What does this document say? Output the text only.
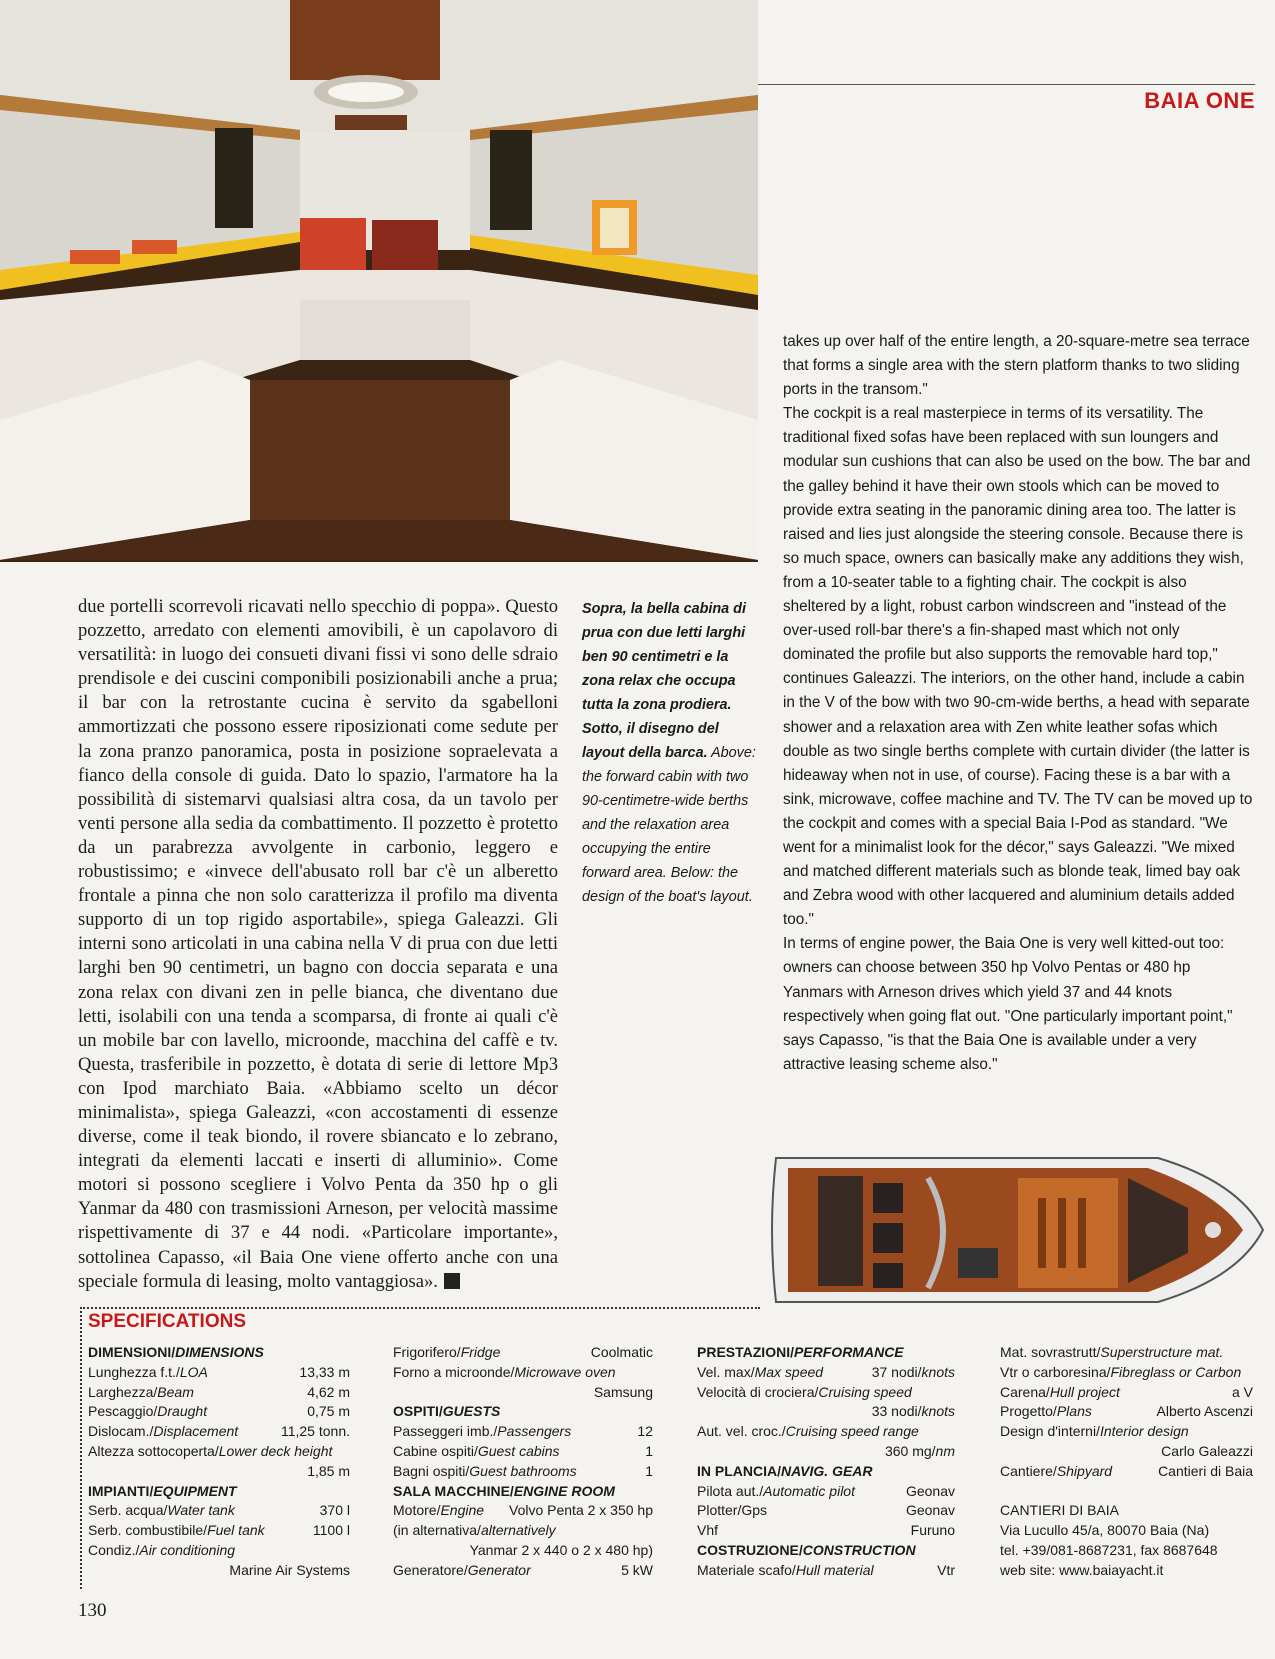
BAIA ONE

due portelli scorrevoli ricavati nello specchio di poppa». Questo pozzetto, arredato con elementi amovibili, è un capolavoro di versatilità: in luogo dei consueti divani fissi vi sono delle sdraio prendisole e dei cuscini componibili posizionabili anche a prua; il bar con la retrostante cucina è servito da sgabelloni ammortizzati che possono essere riposizionati come sedute per la zona pranzo panoramica, posta in posizione sopraelevata a fianco della console di guida. Dato lo spazio, l'armatore ha la possibilità di sistemarvi qualsiasi altra cosa, da un tavolo per venti persone alla sedia da combattimento. Il pozzetto è protetto da un parabrezza avvolgente in carbonio, leggero e robustissimo; e «invece dell'abusato roll bar c'è un alberetto frontale a pinna che non solo caratterizza il profilo ma diventa supporto di un top rigido asportabile», spiega Galeazzi. Gli interni sono articolati in una cabina nella V di prua con due letti larghi ben 90 centimetri, un bagno con doccia separata e una zona relax con divani zen in pelle bianca, che diventano due letti, isolabili con una tenda a scomparsa, di fronte ai quali c'è un mobile bar con lavello, microonde, macchina del caffè e tv. Questa, trasferibile in pozzetto, è dotata di serie di lettore Mp3 con Ipod marchiato Baia. «Abbiamo scelto un décor minimalista», spiega Galeazzi, «con accostamenti di essenze diverse, come il teak biondo, il rovere sbiancato e lo zebrano, integrati da elementi laccati e inserti di alluminio». Come motori si possono scegliere i Volvo Penta da 350 hp o gli Yanmar da 480 con trasmissioni Arneson, per velocità massime rispettivamente di 37 e 44 nodi. «Particolare importante», sottolinea Capasso, «il Baia One viene offerto anche con una speciale formula di leasing, molto vantaggiosa».

Sopra, la bella cabina di prua con due letti larghi ben 90 centimetri e la zona relax che occupa tutta la zona prodiera. Sotto, il disegno del layout della barca. Above: the forward cabin with two 90-centimetre-wide berths and the relaxation area occupying the entire forward area. Below: the design of the boat's layout.

takes up over half of the entire length, a 20-square-metre sea terrace that forms a single area with the stern platform thanks to two sliding ports in the transom."

The cockpit is a real masterpiece in terms of its versatility. The traditional fixed sofas have been replaced with sun loungers and modular sun cushions that can also be used on the bow. The bar and the galley behind it have their own stools which can be moved to provide extra seating in the panoramic dining area too. The latter is raised and lies just alongside the steering console. Because there is so much space, owners can basically make any additions they wish, from a 10-seater table to a fighting chair. The cockpit is also sheltered by a light, robust carbon windscreen and "instead of the over-used roll-bar there's a fin-shaped mast which not only dominated the profile but also supports the removable hard top," continues Galeazzi. The interiors, on the other hand, include a cabin in the V of the bow with two 90-cm-wide berths, a head with separate shower and a relaxation area with Zen white leather sofas which double as two single berths complete with curtain divider (the latter is hideaway when not in use, of course). Facing these is a bar with a sink, microwave, coffee machine and TV. The TV can be moved up to the cockpit and comes with a special Baia I-Pod as standard. "We went for a minimalist look for the décor," says Galeazzi. "We mixed and matched different materials such as blonde teak, limed bay oak and Zebra wood with other lacquered and aluminium details added too."

In terms of engine power, the Baia One is very well kitted-out too: owners can choose between 350 hp Volvo Pentas or 480 hp Yanmars with Arneson drives which yield 37 and 44 knots respectively when going flat out. "One particularly important point," says Capasso, "is that the Baia One is available under a very attractive leasing scheme also."

SPECIFICATIONS
DIMENSIONI/DIMENSIONS
Lunghezza f.t./LOA	13,33 m
Larghezza/Beam	4,62 m
Pescaggio/Draught	0,75 m
Dislocam./Displacement	11,25 tonn.
Altezza sottocoperta/Lower deck height
1,85 m
IMPIANTI/EQUIPMENT
Serb. acqua/Water tank	370 l
Serb. combustibile/Fuel tank	1100 l
Condiz./Air conditioning
Marine Air Systems
Frigorifero/Fridge	Coolmatic
Forno a microonde/Microwave oven
Samsung
OSPITI/GUESTS
Passeggeri imb./Passengers	12
Cabine ospiti/Guest cabins	1
Bagni ospiti/Guest bathrooms	1
SALA MACCHINE/ENGINE ROOM
Motore/Engine	Volvo Penta 2 x 350 hp
(in alternativa/alternatively
Yanmar 2 x 440 o 2 x 480 hp)
Generatore/Generator	5 kW
PRESTAZIONI/PERFORMANCE
Vel. max/Max speed	37 nodi/knots
Velocità di crociera/Cruising speed
33 nodi/knots
Aut. vel. croc./Cruising speed range
360 mg/nm
IN PLANCIA/NAVIG. GEAR
Pilota aut./Automatic pilot	Geonav
Plotter/Gps	Geonav
Vhf	Furuno
COSTRUZIONE/CONSTRUCTION
Materiale scafo/Hull material	Vtr
Mat. sovrastrutt/Superstructure mat.
Vtr o carboresina/Fibreglass or Carbon
Carena/Hull project	a V
Progetto/Plans	Alberto Ascenzi
Design d'interni/Interior design
Carlo Galeazzi
Cantiere/Shipyard	Cantieri di Baia

CANTIERI DI BAIA
Via Lucullo 45/a, 80070 Baia (Na)
tel. +39/081-8687231, fax 8687648
web site: www.baiayacht.it
130
